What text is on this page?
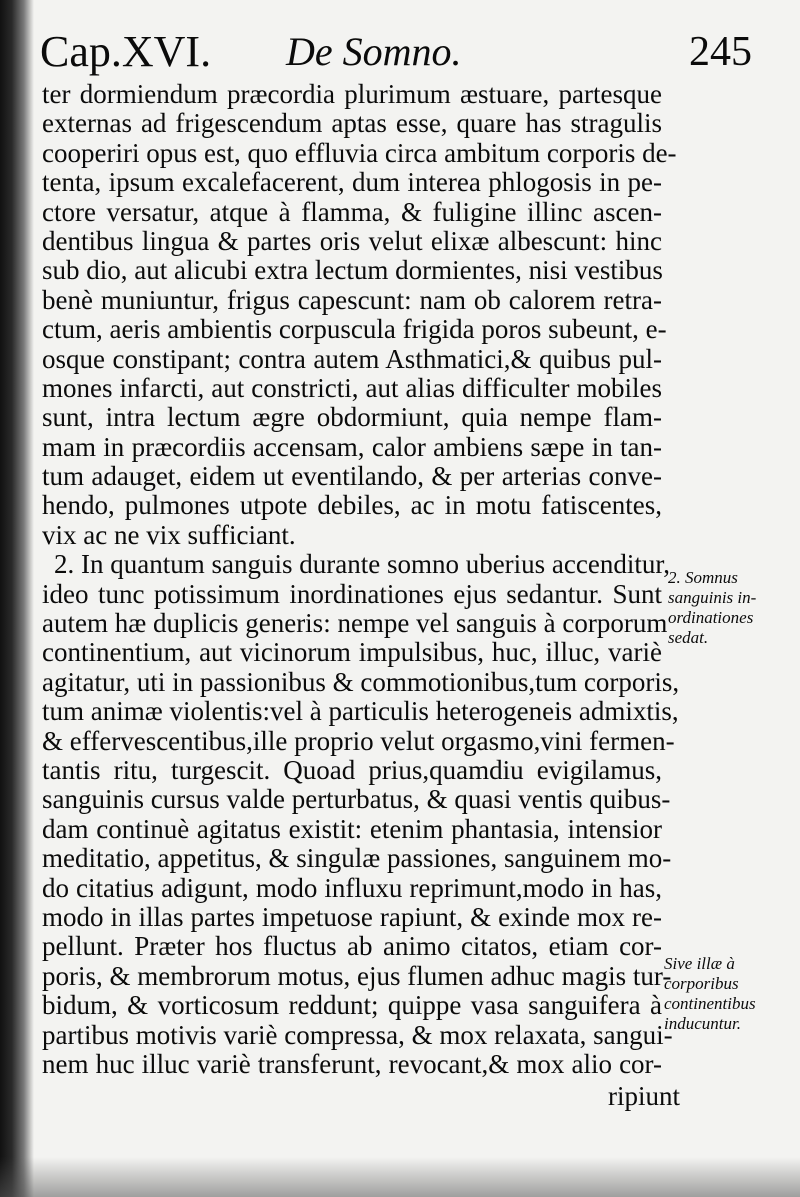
Cap.XVI. De Somno.	245
ter dormiendum præcordia plurimum æstuare, partesque
externas ad frigescendum aptas esse, quare has stragulis
cooperiri opus est, quo effluvia circa ambitum corporis de-
tenta, ipsum excalefacerent, dum interea phlogosis in pe-
ctore versatur, atque à flamma, & fuligine illinc ascen-
dentibus lingua & partes oris velut elixæ albescunt: hinc
sub dio, aut alicubi extra lectum dormientes, nisi vestibus
benè muniuntur, frigus capescunt: nam ob calorem retra-
ctum, aeris ambientis corpuscula frigida poros subeunt, e-
osque constipant; contra autem Asthmatici,& quibus pul-
mones infarcti, aut constricti, aut alias difficulter mobiles
sunt, intra lectum ægre obdormiunt, quia nempe flam-
mam in præcordiis accensam, calor ambiens sæpe in tan-
tum adauget, eidem ut eventilando, & per arterias conve-
hendo, pulmones utpote debiles, ac in motu fatiscentes,
vix ac ne vix sufficiant.
2. In quantum sanguis durante somno uberius accenditur,
ideo tunc potissimum inordinationes ejus sedantur. Sunt
autem hæ duplicis generis: nempe vel sanguis à corporum
continentium, aut vicinorum impulsibus, huc, illuc, variè
agitatur, uti in passionibus & commotionibus,tum corporis,
tum animæ violentis:vel à particulis heterogeneis admixtis,
& effervescentibus,ille proprio velut orgasmo,vini fermen-
tantis ritu, turgescit. Quoad prius,quamdiu evigilamus,
sanguinis cursus valde perturbatus, & quasi ventis quibus-
dam continuè agitatus existit: etenim phantasia, intensior
meditatio, appetitus, & singulæ passiones, sanguinem mo-
do citatius adigunt, modo influxu reprimunt,modo in has,
modo in illas partes impetuose rapiunt, & exinde mox re-
pellunt. Præter hos fluctus ab animo citatos, etiam cor-
poris, & membrorum motus, ejus flumen adhuc magis tur-
bidum, & vorticosum reddunt; quippe vasa sanguifera à
partibus motivis variè compressa, & mox relaxata, sangui-
nem huc illuc variè transferunt, revocant,& mox alio cor-
ripiunt
2. Somnus
sanguinis in-
ordinationes
sedat.
Sive illæ à
corporibus
continentibus
inducuntur.
